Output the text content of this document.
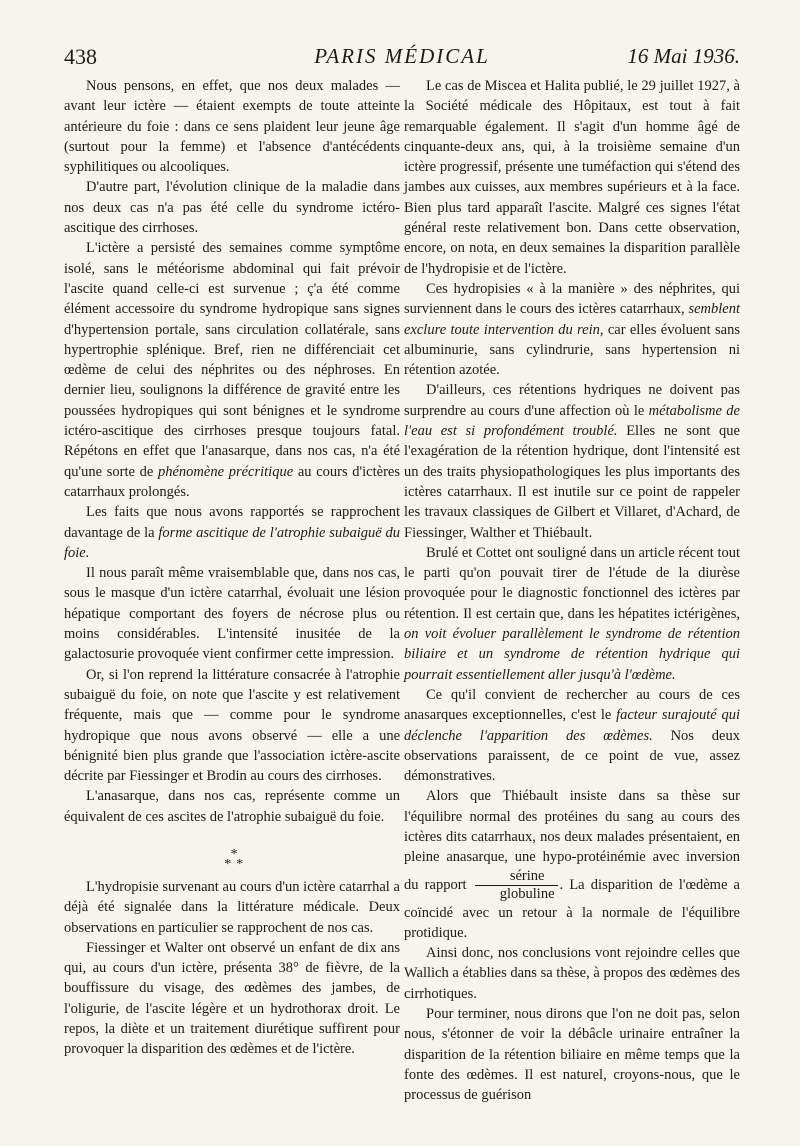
438	PARIS MÉDICAL	16 Mai 1936.

Nous pensons, en effet, que nos deux malades — avant leur ictère — étaient exempts de toute atteinte antérieure du foie : dans ce sens plaident leur jeune âge (surtout pour la femme) et l'absence d'antécédents syphilitiques ou alcooliques.

D'autre part, l'évolution clinique de la maladie dans nos deux cas n'a pas été celle du syndrome ictéro-ascitique des cirrhoses.

L'ictère a persisté des semaines comme symptôme isolé, sans le météorisme abdominal qui fait prévoir l'ascite quand celle-ci est survenue ; ç'a été comme élément accessoire du syndrome hydropique sans signes d'hypertension portale, sans circulation collatérale, sans hypertrophie splénique. Bref, rien ne différenciait cet œdème de celui des néphrites ou des néphroses. En dernier lieu, soulignons la différence de gravité entre les poussées hydropiques qui sont bénignes et le syndrome ictéro-ascitique des cirrhoses presque toujours fatal. Répétons en effet que l'anasarque, dans nos cas, n'a été qu'une sorte de phénomène précritique au cours d'ictères catarrhaux prolongés.

Les faits que nous avons rapportés se rapprochent davantage de la forme ascitique de l'atrophie subaiguë du foie.

Il nous paraît même vraisemblable que, dans nos cas, sous le masque d'un ictère catarrhal, évoluait une lésion hépatique comportant des foyers de nécrose plus ou moins considérables. L'intensité inusitée de la galactosurie provoquée vient confirmer cette impression.

Or, si l'on reprend la littérature consacrée à l'atrophie subaiguë du foie, on note que l'ascite y est relativement fréquente, mais que — comme pour le syndrome hydropique que nous avons observé — elle a une bénignité bien plus grande que l'association ictère-ascite décrite par Fiessinger et Brodin au cours des cirrhoses.

L'anasarque, dans nos cas, représente comme un équivalent de ces ascites de l'atrophie subaiguë du foie.

*
* *

L'hydropisie survenant au cours d'un ictère catarrhal a déjà été signalée dans la littérature médicale. Deux observations en particulier se rapprochent de nos cas.

Fiessinger et Walter ont observé un enfant de dix ans qui, au cours d'un ictère, présenta 38° de fièvre, de la bouffissure du visage, des œdèmes des jambes, de l'oligurie, de l'ascite légère et un hydrothorax droit. Le repos, la diète et un traitement diurétique suffirent pour provoquer la disparition des œdèmes et de l'ictère.

Le cas de Miscea et Halita publié, le 29 juillet 1927, à la Société médicale des Hôpitaux, est tout à fait remarquable également. Il s'agit d'un homme âgé de cinquante-deux ans, qui, à la troisième semaine d'un ictère progressif, présente une tuméfaction qui s'étend des jambes aux cuisses, aux membres supérieurs et à la face. Bien plus tard apparaît l'ascite. Malgré ces signes l'état général reste relativement bon. Dans cette observation, encore, on nota, en deux semaines la disparition parallèle de l'hydropisie et de l'ictère.

Ces hydropisies « à la manière » des néphrites, qui surviennent dans le cours des ictères catarrhaux, semblent exclure toute intervention du rein, car elles évoluent sans albuminurie, sans cylindrurie, sans hypertension ni rétention azotée.

D'ailleurs, ces rétentions hydriques ne doivent pas surprendre au cours d'une affection où le métabolisme de l'eau est si profondément troublé. Elles ne sont que l'exagération de la rétention hydrique, dont l'intensité est un des traits physiopathologiques les plus importants des ictères catarrhaux. Il est inutile sur ce point de rappeler les travaux classiques de Gilbert et Villaret, d'Achard, de Fiessinger, Walther et Thiébault.

Brulé et Cottet ont souligné dans un article récent tout le parti qu'on pouvait tirer de l'étude de la diurèse provoquée pour le diagnostic fonctionnel des ictères par rétention. Il est certain que, dans les hépatites ictérigènes, on voit évoluer parallèlement le syndrome de rétention biliaire et un syndrome de rétention hydrique qui pourrait essentiellement aller jusqu'à l'œdème.

Ce qu'il convient de rechercher au cours de ces anasarques exceptionnelles, c'est le facteur surajouté qui déclenche l'apparition des œdèmes. Nos deux observations paraissent, de ce point de vue, assez démonstratives.

Alors que Thiébault insiste dans sa thèse sur l'équilibre normal des protéines du sang au cours des ictères dits catarrhaux, nos deux malades présentaient, en pleine anasarque, une hypo-protéinémie avec inversion du rapport $\frac{\text{sérine}}{\text{globuline}}$ . La disparition de l'œdème a coïncidé avec un retour à la normale de l'équilibre protidique.

Ainsi donc, nos conclusions vont rejoindre celles que Wallich a établies dans sa thèse, à propos des œdèmes des cirrhotiques.

Pour terminer, nous dirons que l'on ne doit pas, selon nous, s'étonner de voir la débâcle urinaire entraîner la disparition de la rétention biliaire en même temps que la fonte des œdèmes. Il est naturel, croyons-nous, que le processus de guérison
